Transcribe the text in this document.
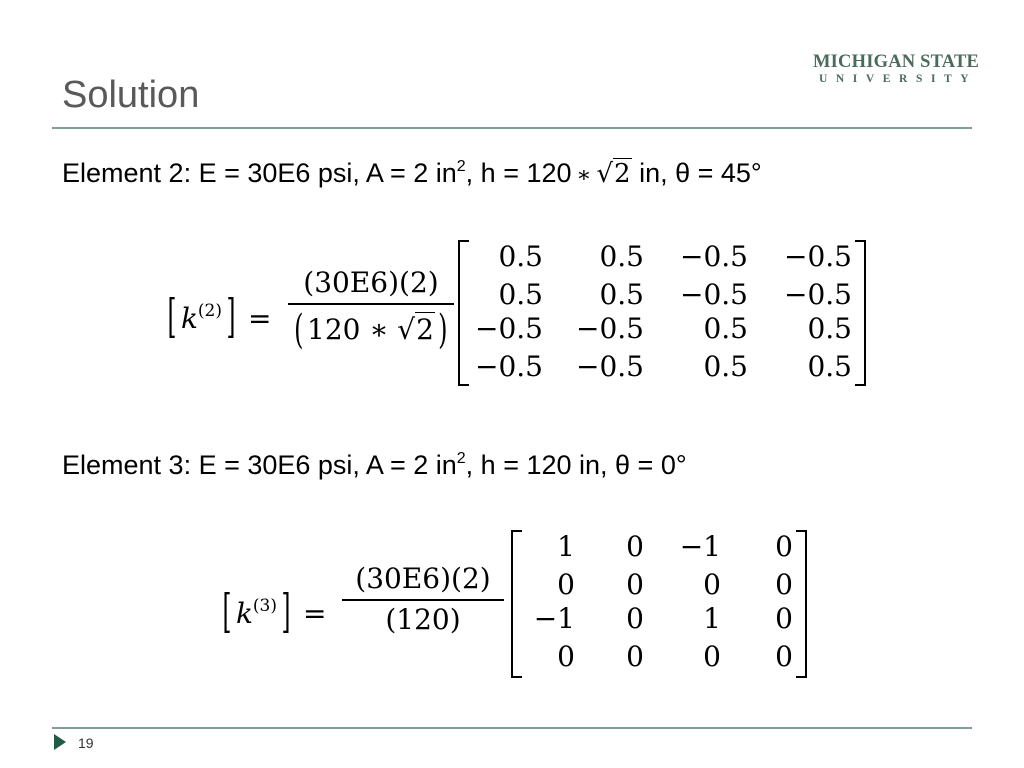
Solution
MICHIGAN STATE
UNIVERSITY
Element 2: E = 30E6 psi, A = 2 $in^2$, h = 120 ∗ √2 in, θ = 45°
[ $k^{(2)}$] =
(30E6)(2)
( 120 ∗ √2 )
0.5 0.5 −0.5 −0.5
0.5 0.5 −0.5 −0.5
−0.5 −0.5 0.5 0.5
−0.5 −0.5 0.5 0.5
Element 3: E = 30E6 psi, A = 2 $in^2$, h = 120 in, θ = 0°
[ $k^{(3)}$] =
(30E6)(2)
(120)
1 0 −1 0
0 0 0 0
−1 0 1 0
0 0 0 0
19
